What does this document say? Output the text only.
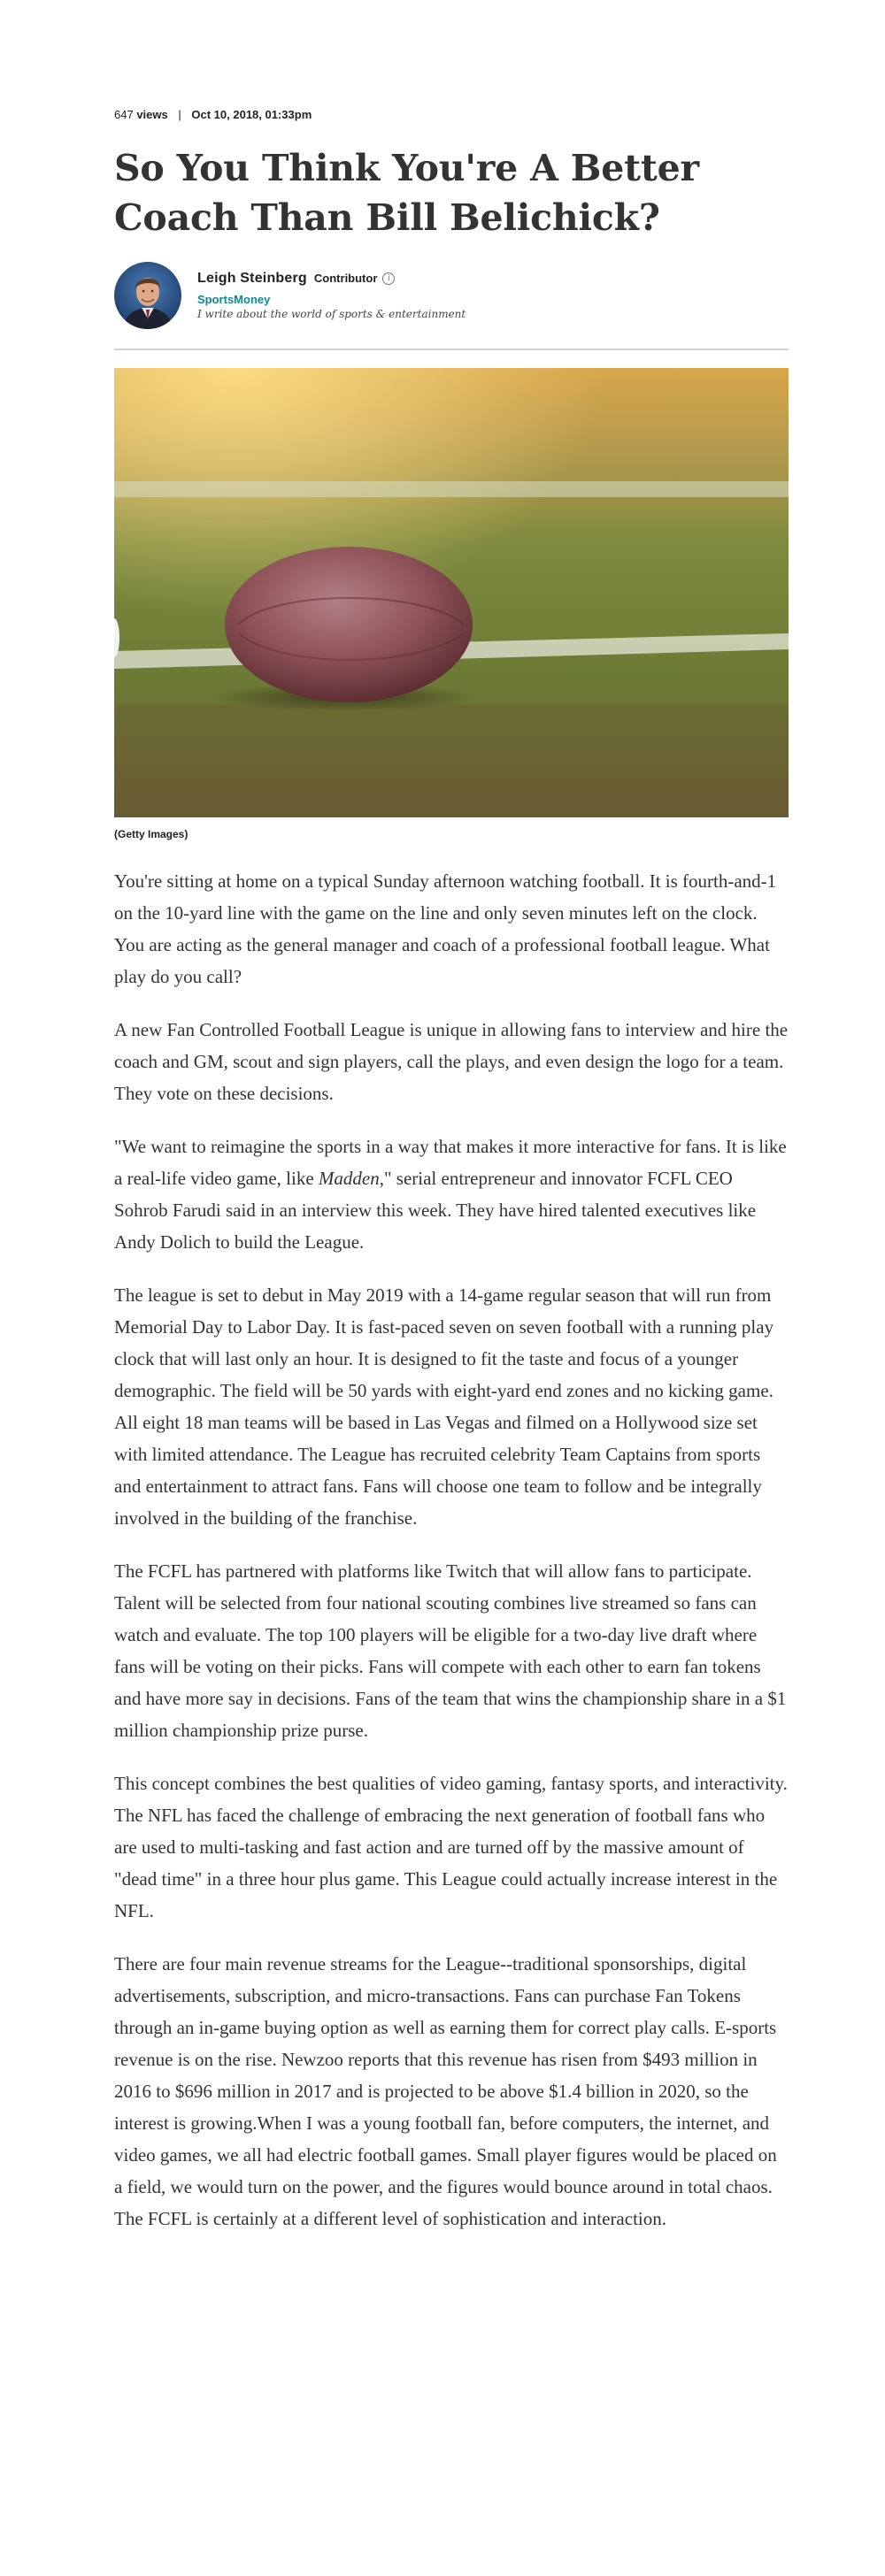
647 views | Oct 10, 2018, 01:33pm
So You Think You're A Better Coach Than Bill Belichick?
Leigh Steinberg Contributor	i
SportsMoney
I write about the world of sports & entertainment
(Getty Images)

You're sitting at home on a typical Sunday afternoon watching football. It is fourth-and-1 on the 10-yard line with the game on the line and only seven minutes left on the clock. You are acting as the general manager and coach of a professional football league. What play do you call?

A new Fan Controlled Football League is unique in allowing fans to interview and hire the coach and GM, scout and sign players, call the plays, and even design the logo for a team. They vote on these decisions.

"We want to reimagine the sports in a way that makes it more interactive for fans. It is like a real-life video game, like Madden," serial entrepreneur and innovator FCFL CEO Sohrob Farudi said in an interview this week. They have hired talented executives like Andy Dolich to build the League.

The league is set to debut in May 2019 with a 14-game regular season that will run from Memorial Day to Labor Day. It is fast-paced seven on seven football with a running play clock that will last only an hour. It is designed to fit the taste and focus of a younger demographic. The field will be 50 yards with eight-yard end zones and no kicking game. All eight 18 man teams will be based in Las Vegas and filmed on a Hollywood size set with limited attendance. The League has recruited celebrity Team Captains from sports and entertainment to attract fans. Fans will choose one team to follow and be integrally involved in the building of the franchise.

The FCFL has partnered with platforms like Twitch that will allow fans to participate. Talent will be selected from four national scouting combines live streamed so fans can watch and evaluate. The top 100 players will be eligible for a two-day live draft where fans will be voting on their picks. Fans will compete with each other to earn fan tokens and have more say in decisions. Fans of the team that wins the championship share in a $1 million championship prize purse.

This concept combines the best qualities of video gaming, fantasy sports, and interactivity. The NFL has faced the challenge of embracing the next generation of football fans who are used to multi-tasking and fast action and are turned off by the massive amount of "dead time" in a three hour plus game. This League could actually increase interest in the NFL.

There are four main revenue streams for the League--traditional sponsorships, digital advertisements, subscription, and micro-transactions. Fans can purchase Fan Tokens through an in-game buying option as well as earning them for correct play calls. E-sports revenue is on the rise. Newzoo reports that this revenue has risen from $493 million in 2016 to $696 million in 2017 and is projected to be above $1.4 billion in 2020, so the interest is growing.When I was a young football fan, before computers, the internet, and video games, we all had electric football games. Small player figures would be placed on a field, we would turn on the power, and the figures would bounce around in total chaos. The FCFL is certainly at a different level of sophistication and interaction.
